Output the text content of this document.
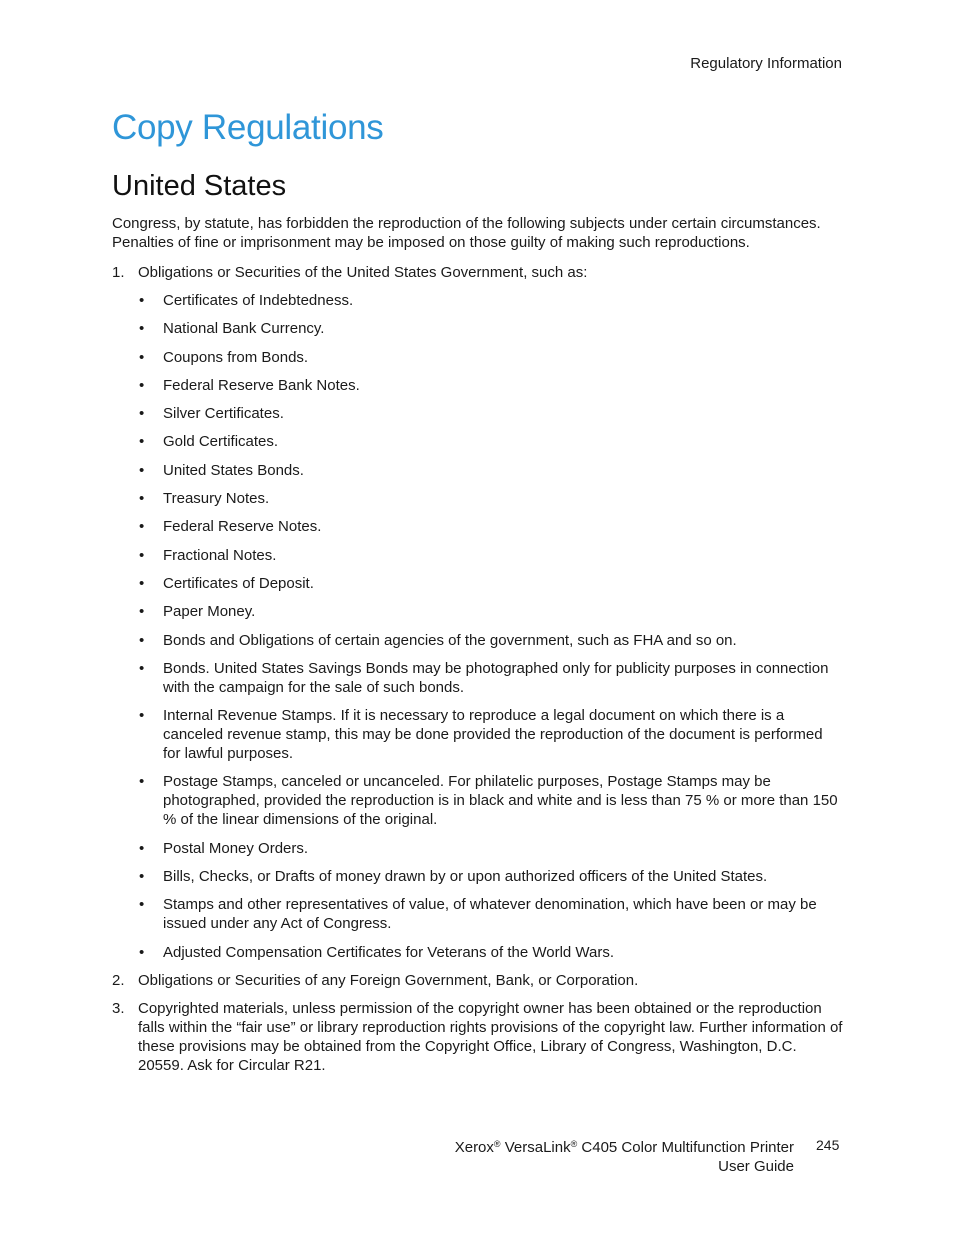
Regulatory Information
Copy Regulations
United States

Congress, by statute, has forbidden the reproduction of the following subjects under certain circumstances. Penalties of fine or imprisonment may be imposed on those guilty of making such reproductions.

1. Obligations or Securities of the United States Government, such as:
• Certificates of Indebtedness.
• National Bank Currency.
• Coupons from Bonds.
• Federal Reserve Bank Notes.
• Silver Certificates.
• Gold Certificates.
• United States Bonds.
• Treasury Notes.
• Federal Reserve Notes.
• Fractional Notes.
• Certificates of Deposit.
• Paper Money.
• Bonds and Obligations of certain agencies of the government, such as FHA and so on.
• Bonds. United States Savings Bonds may be photographed only for publicity purposes in connection with the campaign for the sale of such bonds.
• Internal Revenue Stamps. If it is necessary to reproduce a legal document on which there is a canceled revenue stamp, this may be done provided the reproduction of the document is performed for lawful purposes.
• Postage Stamps, canceled or uncanceled. For philatelic purposes, Postage Stamps may be photographed, provided the reproduction is in black and white and is less than 75 % or more than 150 % of the linear dimensions of the original.
• Postal Money Orders.
• Bills, Checks, or Drafts of money drawn by or upon authorized officers of the United States.
• Stamps and other representatives of value, of whatever denomination, which have been or may be issued under any Act of Congress.
• Adjusted Compensation Certificates for Veterans of the World Wars.
2. Obligations or Securities of any Foreign Government, Bank, or Corporation.
3. Copyrighted materials, unless permission of the copyright owner has been obtained or the reproduction falls within the “fair use” or library reproduction rights provisions of the copyright law. Further information of these provisions may be obtained from the Copyright Office, Library of Congress, Washington, D.C. 20559. Ask for Circular R21.
Xerox® VersaLink® C405 Color Multifunction Printer
User Guide
245
